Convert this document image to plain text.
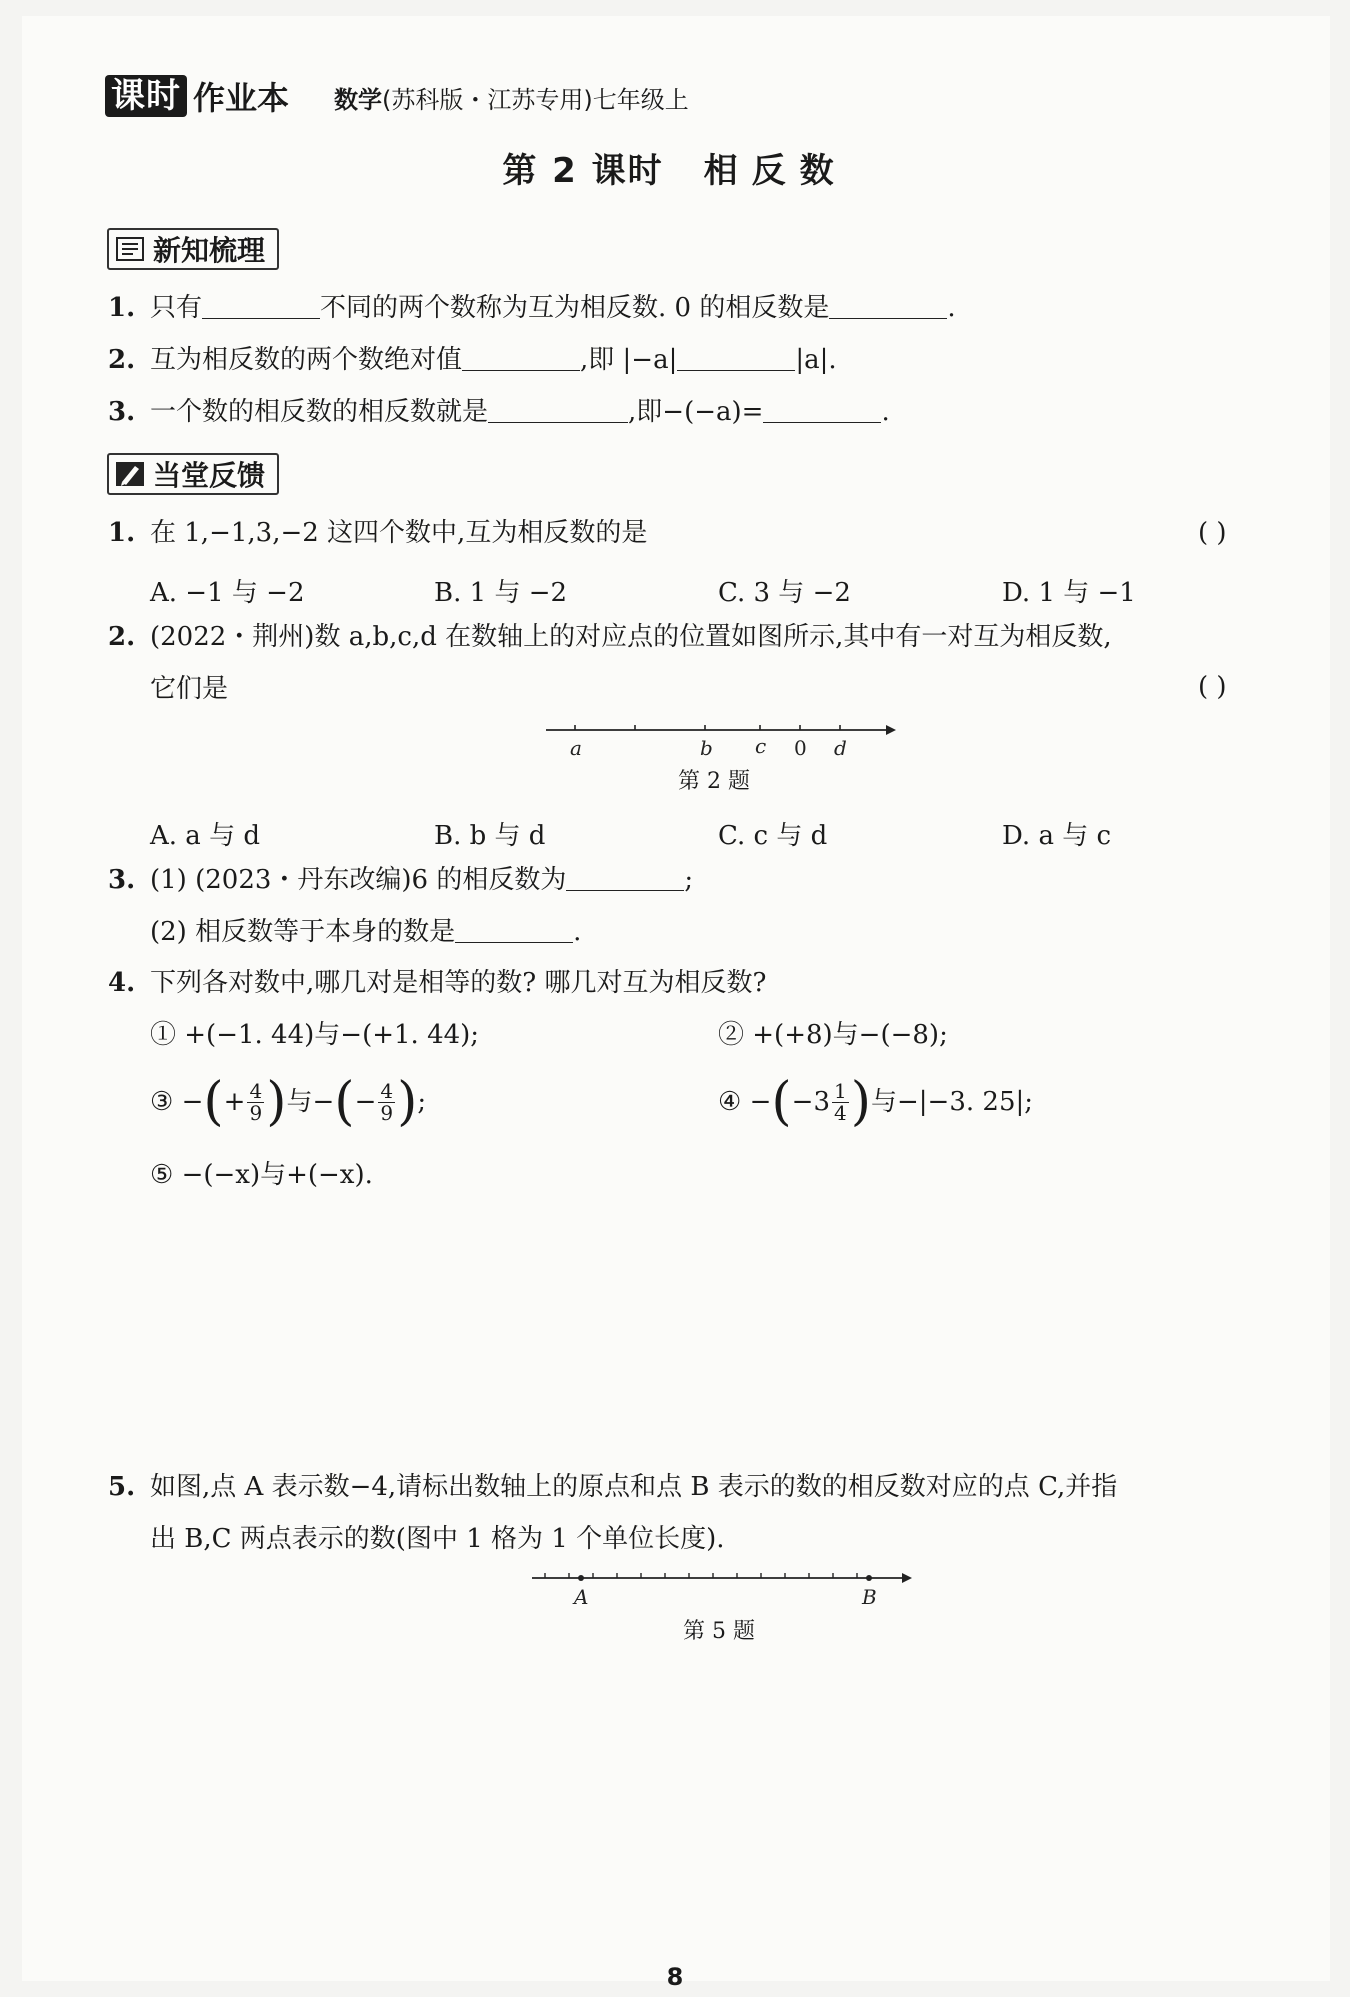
课时 作业本 数学(苏科版・江苏专用)七年级上
第 2 课时 相反数
新知梳理
1. 只有	不同的两个数称为互为相反数. 0 的相反数是	.
2. 互为相反数的两个数绝对值	,即 |−a|	|a|.
3. 一个数的相反数的相反数就是	,即−(−a)=	.
当堂反馈
1. 在 1,−1,3,−2 这四个数中,互为相反数的是	( )
A. −1 与 −2	B. 1 与 −2	C. 3 与 −2	D. 1 与 −1
2. (2022・荆州)数 a,b,c,d 在数轴上的对应点的位置如图所示,其中有一对互为相反数,
它们是	( )
a	b c 0 d
第 2 题
A. a 与 d	B. b 与 d	C. c 与 d	D. a 与 c
3. (1) (2023・丹东改编)6 的相反数为	;
(2) 相反数等于本身的数是	.
4. 下列各对数中,哪几对是相等的数? 哪几对互为相反数?
① +(−1. 44)与−(+1. 44);	② +(+8)与−(−8);
③ − ( + $\frac{4}{9}$ ) 与− ( − $\frac{4}{9}$ ) ;	④ − ( $-3 \frac{1}{4}$ ) 与−|−3. 25|;
⑤ −(−x)与+(−x).
5. 如图,点 A 表示数−4,请标出数轴上的原点和点 B 表示的数的相反数对应的点 C,并指
出 B,C 两点表示的数(图中 1 格为 1 个单位长度).
A	B
第 5 题
8
